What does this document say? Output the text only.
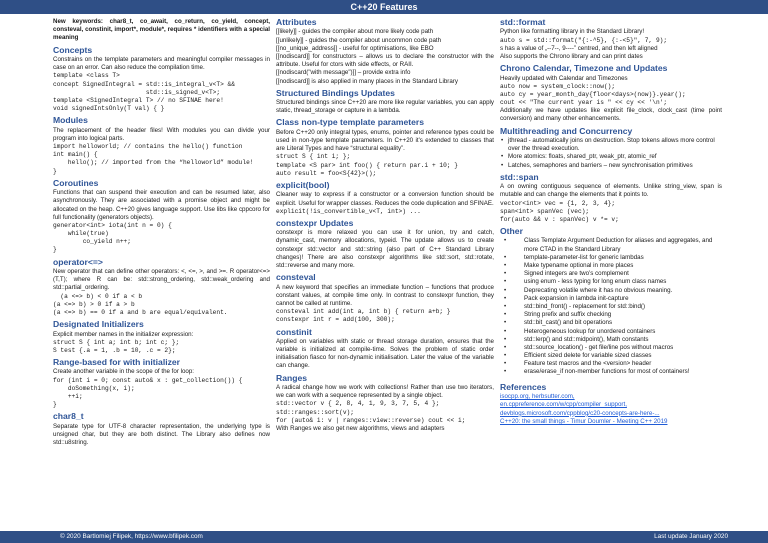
C++20 Features

New keywords: char8_t, co_await, co_return, co_yield, concept, consteval, constinit, import*, module*, requires * identifiers with a special meaning

Concepts

Constrains on the template parameters and meaningful compiler messages in case on an error. Can also reduce the compilation time.

template <class T>
concept SignedIntegral = std::is_integral_v<T> &&
std::is_signed_v<T>;
template <SignedIntegral T> // no SFINAE here!
void signedIntsOnly(T val) { }
Modules

The replacement of the header files! With modules you can divide your program into logical parts.

import helloworld; // contains the hello() function
int main() {
hello(); // imported from the “helloworld” module!
}
Coroutines

Functions that can suspend their execution and can be resumed later, also asynchronously. They are associated with a promise object and might be allocated on the heap. C++20 gives language support. Use libs like cppcoro for full functionality (generators objects).

generator<int> iota(int n = 0) {
while(true)
co_yield n++;
}
operator<=>

New operator that can define other operators: <, <=, >, and >=. R operator<=>(T,T); where R can be: std::strong_ordering, std::weak_ordering and std::partial_ordering.

(a <=> b) < 0 if a < b
(a <=> b) > 0 if a > b
(a <=> b) == 0 if a and b are equal/equivalent.
Designated Initializers

Explicit member names in the initializer expression:

struct S { int a; int b; int c; };
S test {.a = 1, .b = 10, .c = 2};
Range-based for with initializer

Create another variable in the scope of the for loop:

for (int i = 0; const auto& x : get_collection()) {
doSomething(x, i);
++i;
}
char8_t

Separate type for UTF-8 character representation, the underlying type is unsigned char, but they are both distinct. The Library also defines now std::u8string.

Attributes
[[likely]] - guides the compiler about more likely code path
[[unlikely]] - guides the compiler about uncommon code path
[[no_unique_address]] - useful for optimisations, like EBO

[[nodiscard]] for constructors – allows us to declare the constructor with the attribute. Useful for ctors with side effects, or RAII.

[[nodiscard("with message")]] – provide extra info
[[nodiscard]] is also applied in many places in the Standard Library
Structured Bindings Updates

Structured bindings since C++20 are more like regular variables, you can apply static, thread_storage or capture in a lambda.

Class non-type template parameters

Before C++20 only integral types, enums, pointer and reference types could be used in non-type template parameters. In C++20 it’s extended to classes that are Literal Types and have “structural equality”.

struct S { int i; };
template <S par> int foo() { return par.i + 10; }
auto result = foo<S{42}>();
explicit(bool)

Cleaner way to express if a constructor or a conversion function should be explicit. Useful for wrapper classes. Reduces the code duplication and SFINAE.

explicit(!is_convertible_v<T, int>) ...
constexpr Updates

constexpr is more relaxed you can use it for union, try and catch, dynamic_cast, memory allocations, typeid. The update allows us to create constexpr std::vector and std::string (also part of C++ Standard Library changes)! There are also constexpr algorithms like std::sort, std::rotate, std::reverse and many more.

consteval

A new keyword that specifies an immediate function – functions that produce constant values, at compile time only. In contrast to constexpr function, they cannot be called at runtime.

consteval int add(int a, int b) { return a+b; }
constexpr int r = add(100, 300);
constinit

Applied on variables with static or thread storage duration, ensures that the variable is initialized at compile-time. Solves the problem of static order initialisation fiasco for non-dynamic initialisation. Later the value of the variable can change.

Ranges

A radical change how we work with collections! Rather than use two iterators, we can work with a sequence represented by a single object.

std::vector v { 2, 8, 4, 1, 9, 3, 7, 5, 4 };
std::ranges::sort(v);
for (auto& i: v | ranges::view::reverse) cout << i;

With Ranges we also get new algorithms, views and adapters

std::format

Python like formatting library in the Standard Library!

auto s = std::format("{:-^5}, {:-<5}", 7, 9);

s has a value of „--7--, 9----” centred, and then left aligned

Also supports the Chrono library and can print dates

Chrono Calendar, Timezone and Updates

Heavily updated with Calendar and Timezones

auto now = system_clock::now();
auto cy = year_month_day{floor<days>(now)}.year();
cout << "The current year is " << cy << '\n';

Additionally we have updates like explicit file_clock, clock_cast (time point conversion) and many other enhancements.

Multithreading and Concurrency
• jthread - automatically joins on destruction. Stop tokens allows more control over the thread execution.
• More atomics: floats, shared_ptr, weak_ptr, atomic_ref
• Latches, semaphores and barriers – new synchronisation primitives
std::span

A on owning contiguous sequence of elements. Unlike string_view, span is mutable and can change the elements that it points to.

vector<int> vec = {1, 2, 3, 4};
span<int> spanVec (vec);
for(auto && v : spanVec) v *= v;
Other
• Class Template Argument Deduction for aliases and aggregates, and more CTAD in the Standard Library
• template-parameter-list for generic lambdas
• Make typename optional in more places
• Signed integers are two’s complement
• using enum - less typing for long enum class names
• Deprecating volatile where it has no obvious meaning.
• Pack expansion in lambda init-capture
• std::bind_front() - replacement for std::bind()
• String prefix and suffix checking
• std::bit_cast() and bit operations
• Heterogeneous lookup for unordered containers
• std::lerp() and std::midpoint(), Math constants
• std::source_location() - get file/line pos without macros
• Efficient sized delete for variable sized classes
• Feature test macros and the <version> header
• erase/erase_if non-member functions for most of containers!
References
isocpp.org, herbsutter.com,
en.cppreference.com/w/cpp/compiler_support,
devblogs.microsoft.com/cppblog/c20-concepts-are-here-...
C++20: the small things - Timur Doumler - Meeting C++ 2019
© 2020 Bartlomiej Filipek, https://www.bfilipek.com	Last update January 2020
